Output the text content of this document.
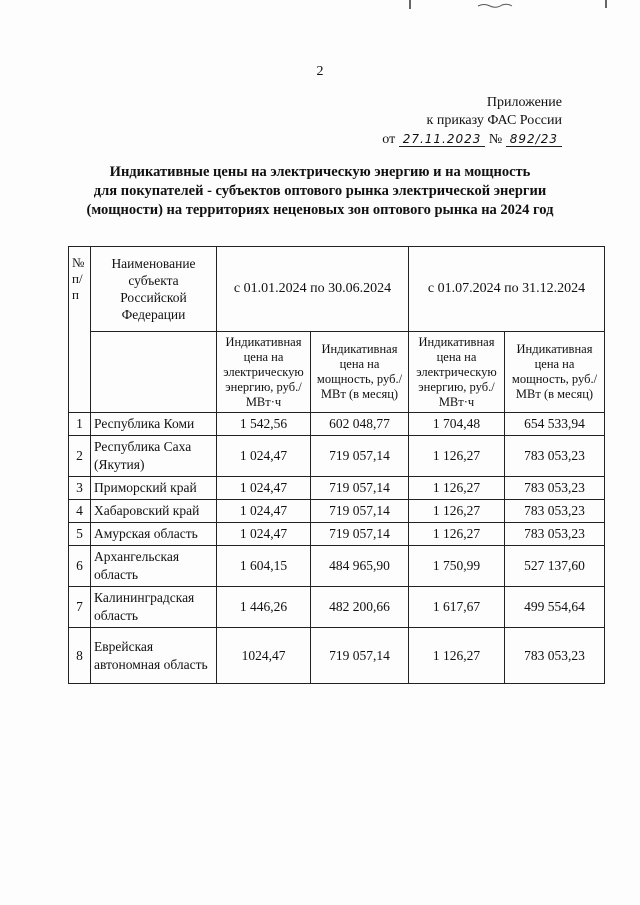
2
Приложение
к приказу ФАС России
от 27.11.2023 № 892/23
Индикативные цены на электрическую энергию и на мощность
для покупателей - субъектов оптового рынка электрической энергии
(мощности) на территориях неценовых зон оптового рынка на 2024 год
№ п/п	Наименование субъекта Российской Федерации	с 01.01.2024 по 30.06.2024		с 01.07.2024 по 31.12.2024	
		Индикативная цена на электрическую энергию, руб./МВт·ч	Индикативная цена на мощность, руб./МВт (в месяц)	Индикативная цена на электрическую энергию, руб./ МВт·ч	Индикативная цена на мощность, руб./МВт (в месяц)
1	Республика Коми	1 542,56	602 048,77	1 704,48	654 533,94
2	Республика Саха (Якутия)	1 024,47	719 057,14	1 126,27	783 053,23
3	Приморский край	1 024,47	719 057,14	1 126,27	783 053,23
4	Хабаровский край	1 024,47	719 057,14	1 126,27	783 053,23
5	Амурская область	1 024,47	719 057,14	1 126,27	783 053,23
6	Архангельская область	1 604,15	484 965,90	1 750,99	527 137,60
7	Калининградская область	1 446,26	482 200,66	1 617,67	499 554,64
8	Еврейская автономная область	1024,47	719 057,14	1 126,27	783 053,23
